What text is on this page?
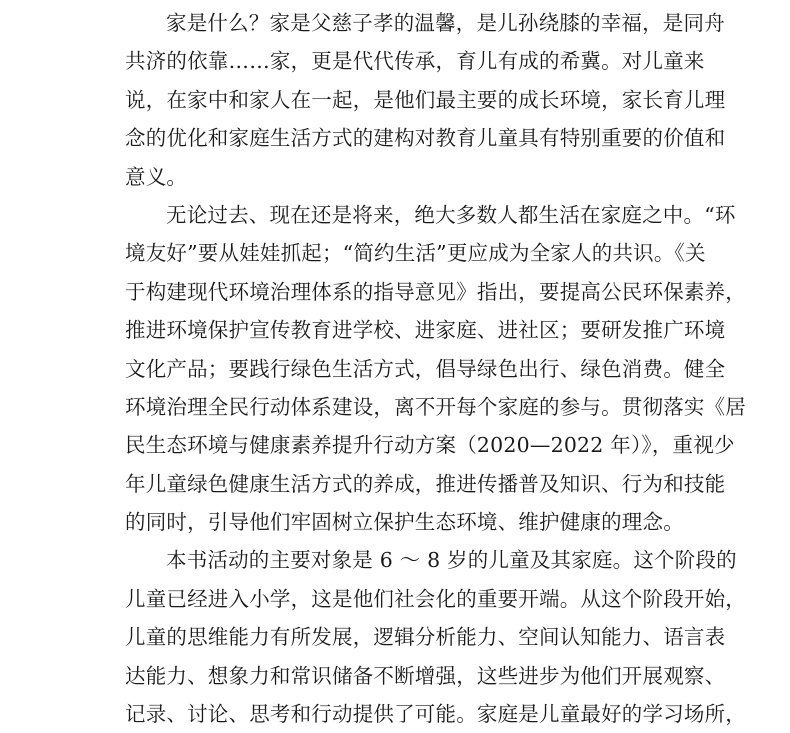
家是什么？家是父慈子孝的温馨，是儿孙绕膝的幸福，是同舟
共济的依靠……家，更是代代传承，育儿有成的希冀。对儿童来
说，在家中和家人在一起，是他们最主要的成长环境，家长育儿理
念的优化和家庭生活方式的建构对教育儿童具有特别重要的价值和
意义。
无论过去、现在还是将来，绝大多数人都生活在家庭之中。“环
境友好”要从娃娃抓起；“简约生活”更应成为全家人的共识。《关
于构建现代环境治理体系的指导意见》指出，要提高公民环保素养，
推进环境保护宣传教育进学校、进家庭、进社区；要研发推广环境
文化产品；要践行绿色生活方式，倡导绿色出行、绿色消费。健全
环境治理全民行动体系建设，离不开每个家庭的参与。贯彻落实《居
民生态环境与健康素养提升行动方案（2020—2022 年）》，重视少
年儿童绿色健康生活方式的养成，推进传播普及知识、行为和技能
的同时，引导他们牢固树立保护生态环境、维护健康的理念。
本书活动的主要对象是 6 ～ 8 岁的儿童及其家庭。这个阶段的
儿童已经进入小学，这是他们社会化的重要开端。从这个阶段开始，
儿童的思维能力有所发展，逻辑分析能力、空间认知能力、语言表
达能力、想象力和常识储备不断增强，这些进步为他们开展观察、
记录、讨论、思考和行动提供了可能。家庭是儿童最好的学习场所，
